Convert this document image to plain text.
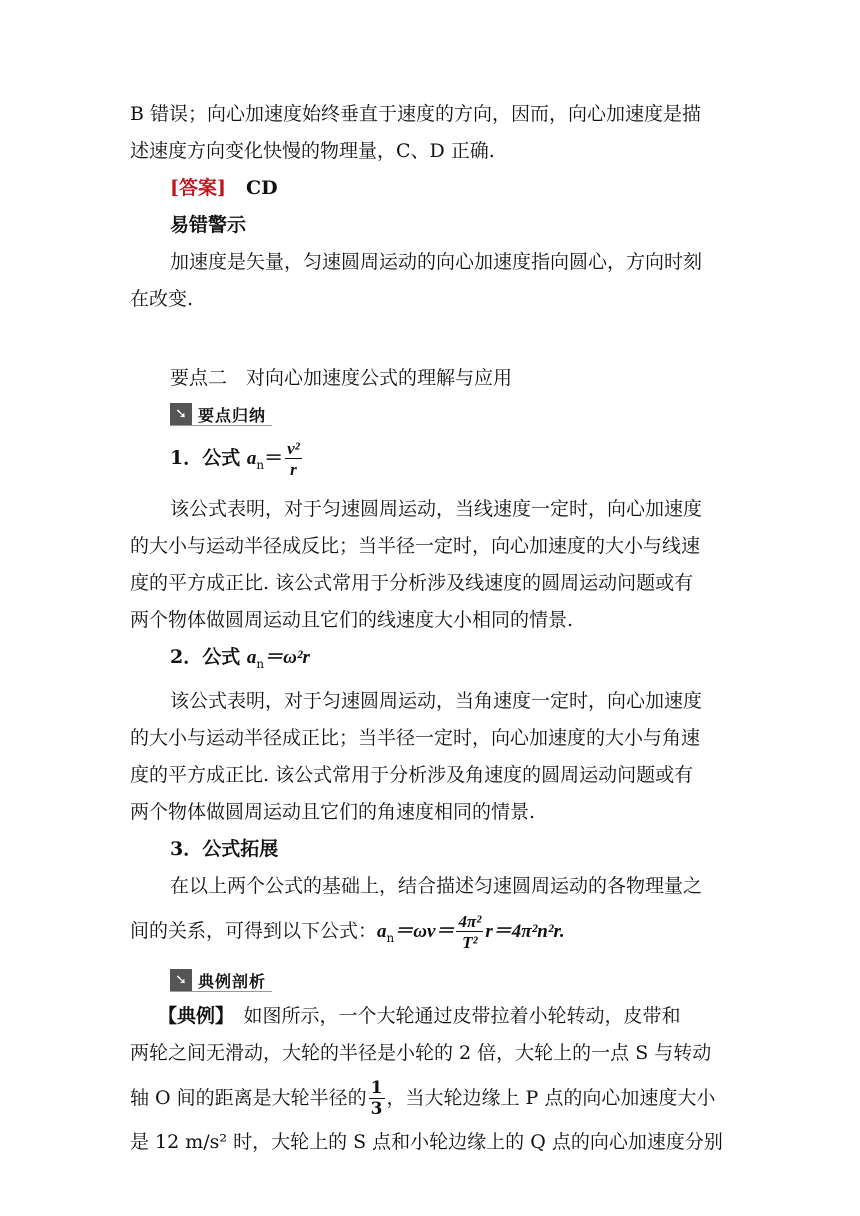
B 错误；向心加速度始终垂直于速度的方向，因而，向心加速度是描
述速度方向变化快慢的物理量，C、D 正确.
[答案] CD
易错警示
加速度是矢量，匀速圆周运动的向心加速度指向圆心，方向时刻
在改变.
要点二　对向心加速度公式的理解与应用
➘ 要点归纳
1．公式 $a_n= \frac{\text{v²}}{r}$
该公式表明，对于匀速圆周运动，当线速度一定时，向心加速度
的大小与运动半径成反比；当半径一定时，向心加速度的大小与线速
度的平方成正比. 该公式常用于分析涉及线速度的圆周运动问题或有
两个物体做圆周运动且它们的线速度大小相同的情景.
2．公式 $a_n=\omega^2r$
该公式表明，对于匀速圆周运动，当角速度一定时，向心加速度
的大小与运动半径成正比；当半径一定时，向心加速度的大小与角速
度的平方成正比. 该公式常用于分析涉及角速度的圆周运动问题或有
两个物体做圆周运动且它们的角速度相同的情景.
3．公式拓展
在以上两个公式的基础上，结合描述匀速圆周运动的各物理量之
间的关系，可得到以下公式：$a_n=\omega v= \frac{\text{4π²}}{\text{T²}} r=4\pi^2n^2r$.
➘ 典例剖析
【典例】　如图所示，一个大轮通过皮带拉着小轮转动，皮带和
两轮之间无滑动，大轮的半径是小轮的 2 倍，大轮上的一点 S 与转动
轴 O 间的距离是大轮半径的 $\frac{1}{3}$ ，当大轮边缘上 P 点的向心加速度大小
是 12 m/s² 时，大轮上的 S 点和小轮边缘上的 Q 点的向心加速度分别
